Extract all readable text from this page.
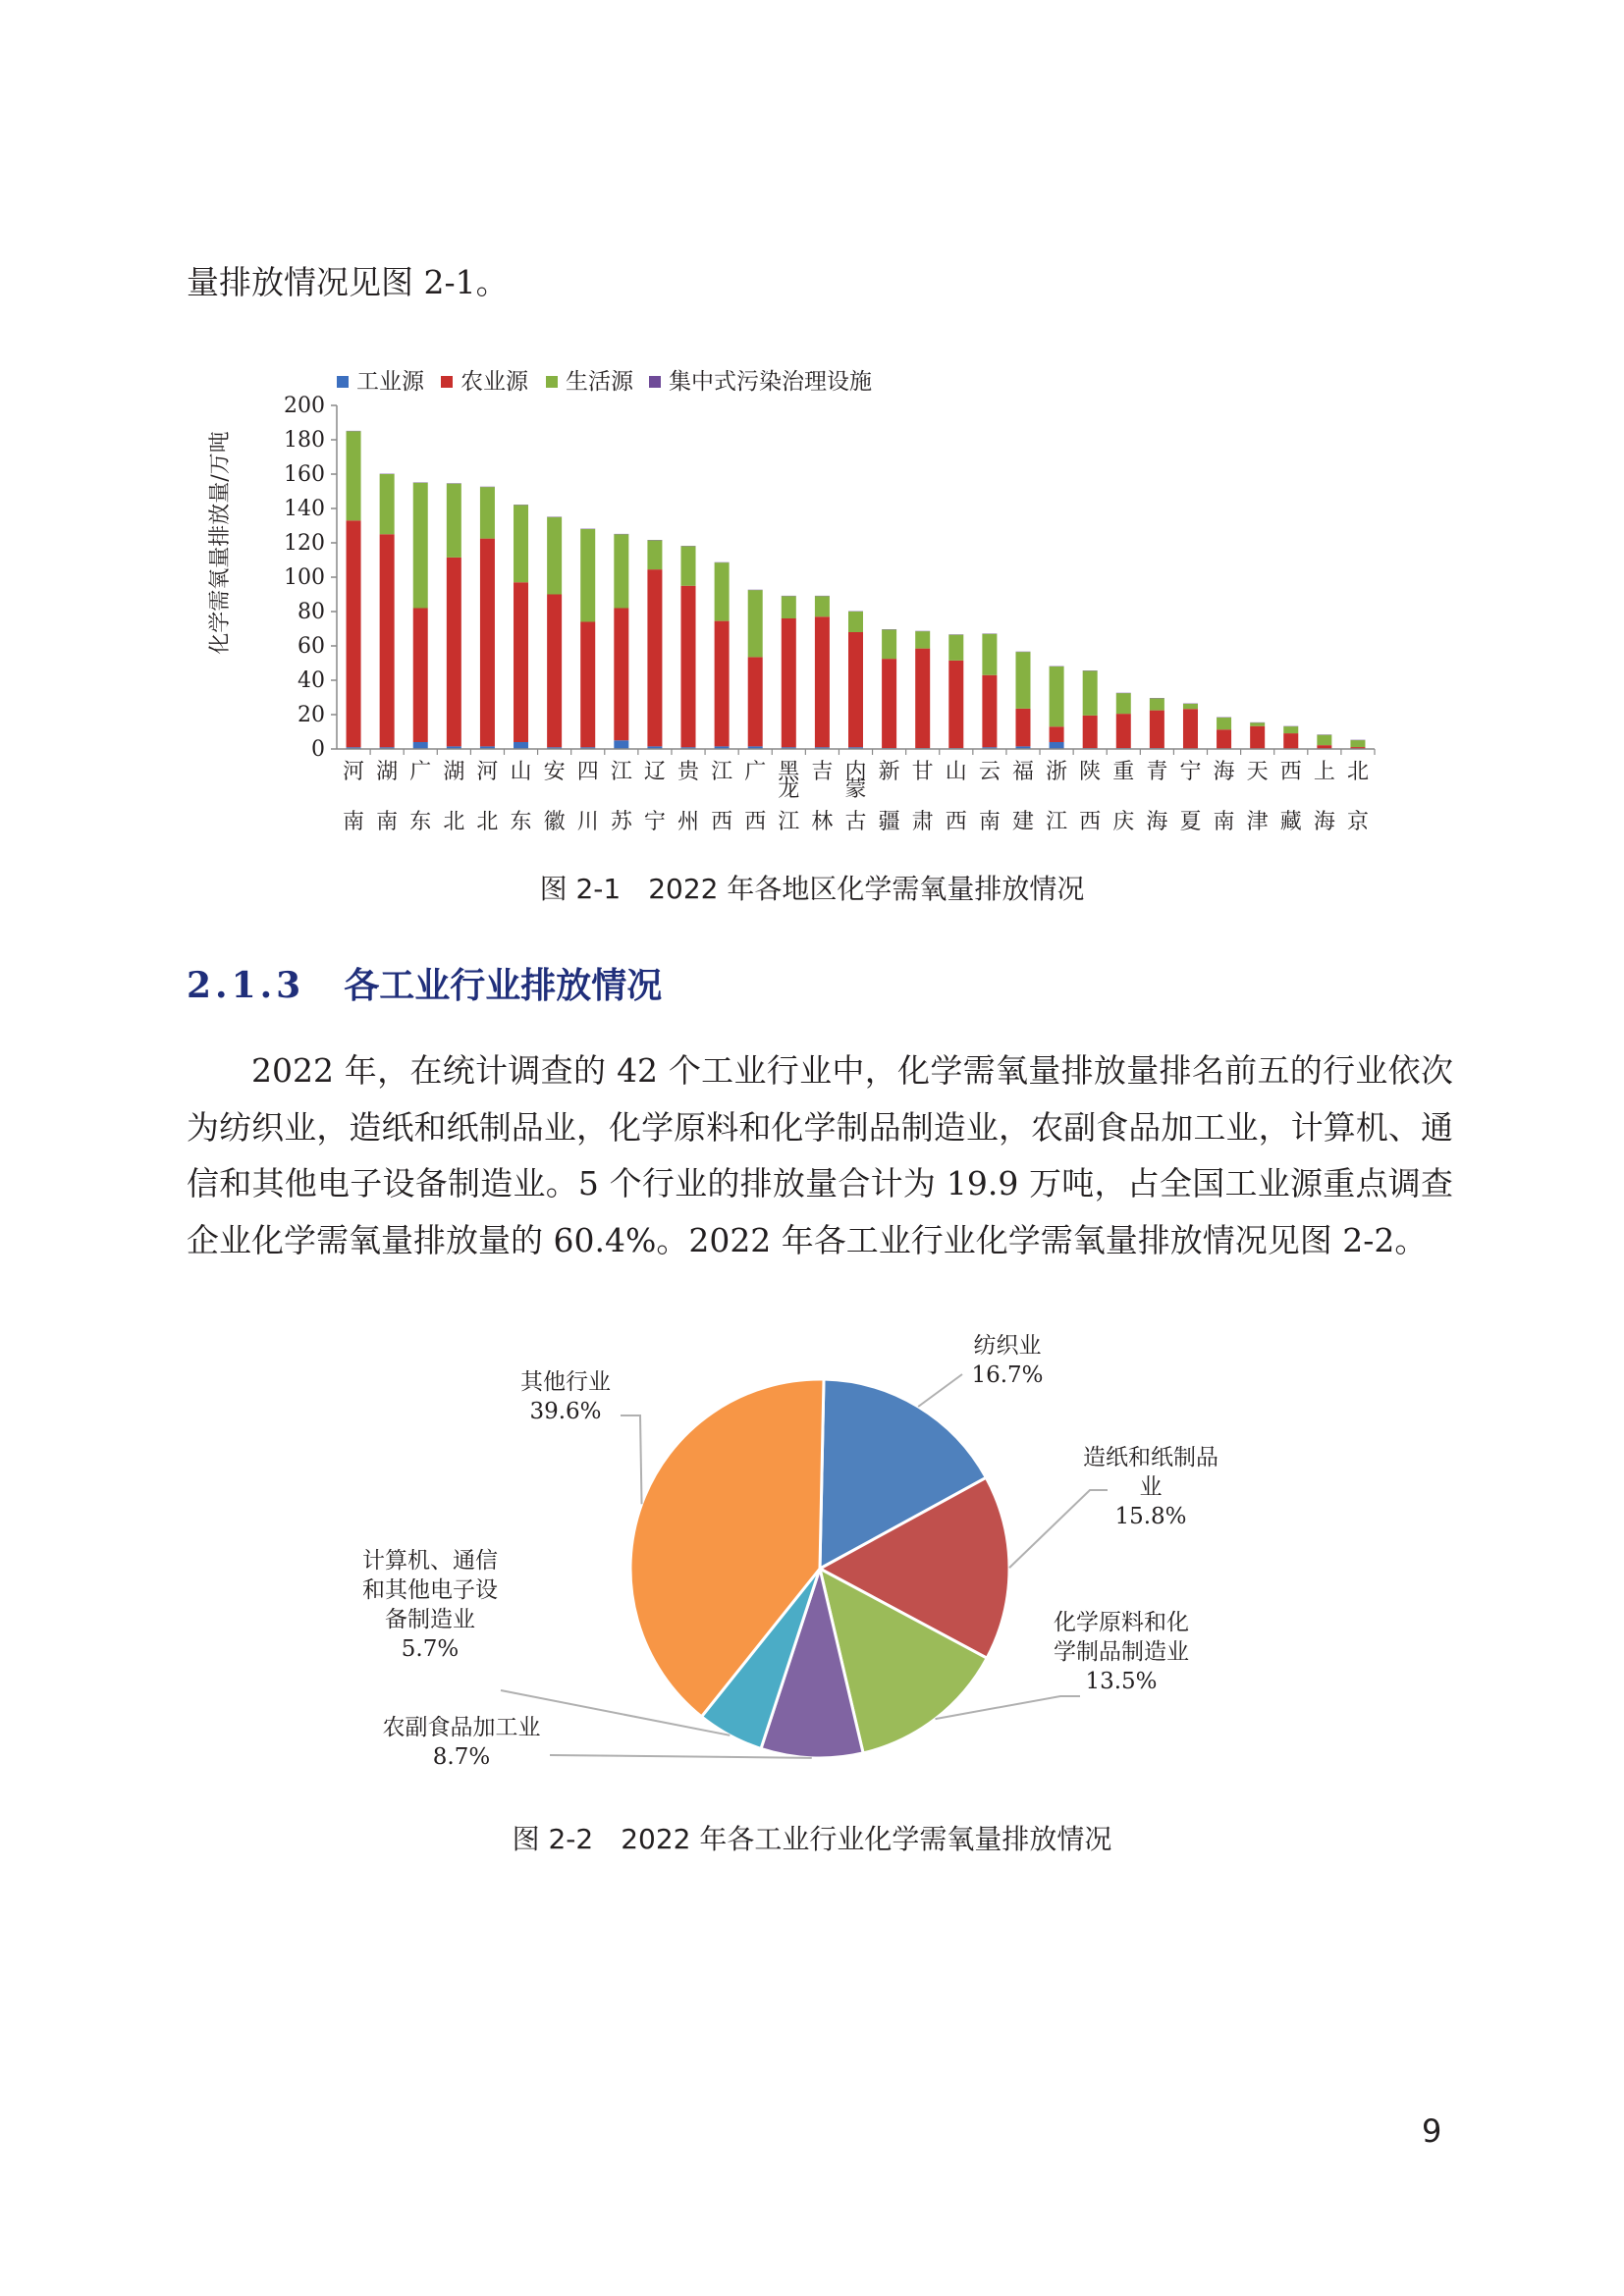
量排放情况见图 2-1。

工业源 农业源 生活源 集中式污染治理设施
化学需氧量排放量/万吨
0
20
40
60
80
100
120
140
160
180
200
河南
湖南
广东
湖北
河北
山东
安徽
四川
江苏
辽宁
贵州
江西
广西
黑龙江
吉林
内蒙古
新疆
甘肃
山西
云南
福建
浙江
陕西
重庆
青海
宁夏
海南
天津
西藏
上海
北京

图 2-1　2022 年各地区化学需氧量排放情况

2.1.3 各工业行业排放情况

2022 年，在统计调查的 42 个工业行业中，化学需氧量排放量排名前五的行业依次为纺织业，造纸和纸制品业，化学原料和化学制品制造业，农副食品加工业，计算机、通信和其他电子设备制造业。5 个行业的排放量合计为 19.9 万吨，占全国工业源重点调查企业化学需氧量排放量的 60.4%。2022 年各工业行业化学需氧量排放情况见图 2-2。

纺织业 16.7%
造纸和纸制品业 15.8%
化学原料和化学制品制造业 13.5%
农副食品加工业 8.7%
计算机、通信和其他电子设备制造业 5.7%
其他行业 39.6%

图 2-2　2022 年各工业行业化学需氧量排放情况

9
